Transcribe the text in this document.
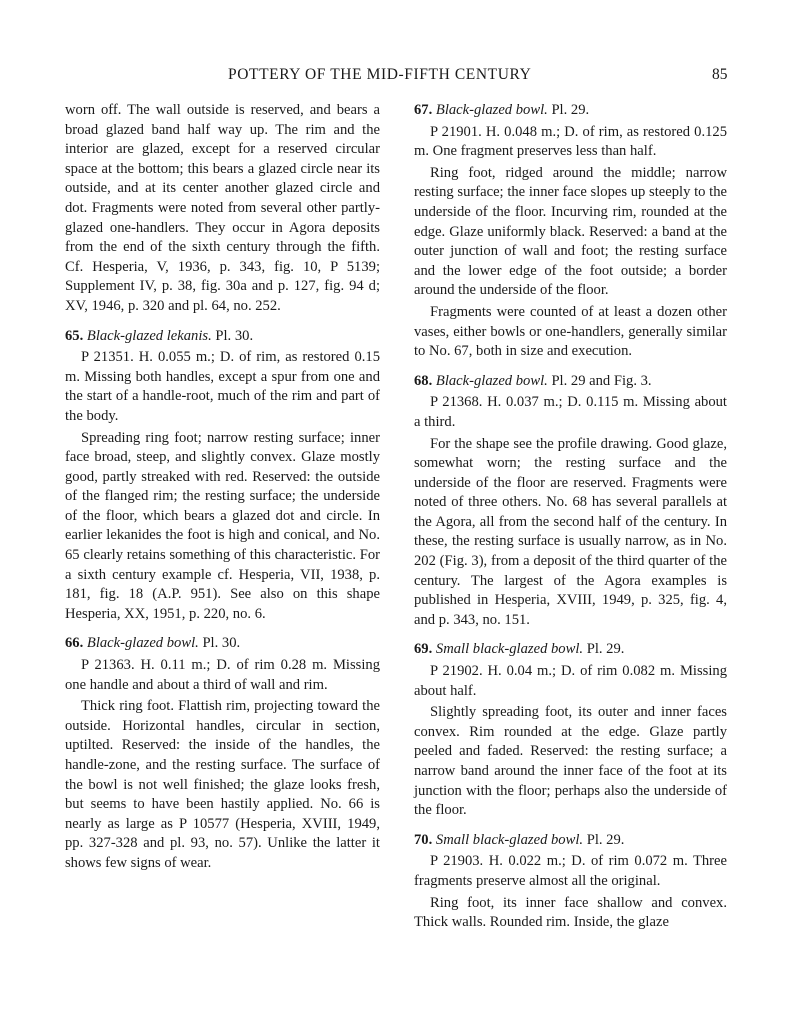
POTTERY OF THE MID-FIFTH CENTURY	85

worn off. The wall outside is reserved, and bears a broad glazed band half way up. The rim and the interior are glazed, except for a reserved circular space at the bottom; this bears a glazed circle near its outside, and at its center another glazed circle and dot. Fragments were noted from several other partly-glazed one-handlers. They occur in Agora deposits from the end of the sixth century through the fifth. Cf. Hesperia, V, 1936, p. 343, fig. 10, P 5139; Supplement IV, p. 38, fig. 30a and p. 127, fig. 94 d; XV, 1946, p. 320 and pl. 64, no. 252.

65. Black-glazed lekanis. Pl. 30.

P 21351. H. 0.055 m.; D. of rim, as restored 0.15 m. Missing both handles, except a spur from one and the start of a handle-root, much of the rim and part of the body.

Spreading ring foot; narrow resting surface; inner face broad, steep, and slightly convex. Glaze mostly good, partly streaked with red. Reserved: the outside of the flanged rim; the resting surface; the underside of the floor, which bears a glazed dot and circle. In earlier lekanides the foot is high and conical, and No. 65 clearly retains something of this characteristic. For a sixth century example cf. Hesperia, VII, 1938, p. 181, fig. 18 (A.P. 951). See also on this shape Hesperia, XX, 1951, p. 220, no. 6.

66. Black-glazed bowl. Pl. 30.

P 21363. H. 0.11 m.; D. of rim 0.28 m. Missing one handle and about a third of wall and rim.

Thick ring foot. Flattish rim, projecting toward the outside. Horizontal handles, circular in section, uptilted. Reserved: the inside of the handles, the handle-zone, and the resting surface. The surface of the bowl is not well finished; the glaze looks fresh, but seems to have been hastily applied. No. 66 is nearly as large as P 10577 (Hesperia, XVIII, 1949, pp. 327-328 and pl. 93, no. 57). Unlike the latter it shows few signs of wear.

67. Black-glazed bowl. Pl. 29.

P 21901. H. 0.048 m.; D. of rim, as restored 0.125 m. One fragment preserves less than half.

Ring foot, ridged around the middle; narrow resting surface; the inner face slopes up steeply to the underside of the floor. Incurving rim, rounded at the edge. Glaze uniformly black. Reserved: a band at the outer junction of wall and foot; the resting surface and the lower edge of the foot outside; a border around the underside of the floor.

Fragments were counted of at least a dozen other vases, either bowls or one-handlers, generally similar to No. 67, both in size and execution.

68. Black-glazed bowl. Pl. 29 and Fig. 3.

P 21368. H. 0.037 m.; D. 0.115 m. Missing about a third.

For the shape see the profile drawing. Good glaze, somewhat worn; the resting surface and the underside of the floor are reserved. Fragments were noted of three others. No. 68 has several parallels at the Agora, all from the second half of the century. In these, the resting surface is usually narrow, as in No. 202 (Fig. 3), from a deposit of the third quarter of the century. The largest of the Agora examples is published in Hesperia, XVIII, 1949, p. 325, fig. 4, and p. 343, no. 151.

69. Small black-glazed bowl. Pl. 29.

P 21902. H. 0.04 m.; D. of rim 0.082 m. Missing about half.

Slightly spreading foot, its outer and inner faces convex. Rim rounded at the edge. Glaze partly peeled and faded. Reserved: the resting surface; a narrow band around the inner face of the foot at its junction with the floor; perhaps also the underside of the floor.

70. Small black-glazed bowl. Pl. 29.

P 21903. H. 0.022 m.; D. of rim 0.072 m. Three fragments preserve almost all the original.

Ring foot, its inner face shallow and convex. Thick walls. Rounded rim. Inside, the glaze
